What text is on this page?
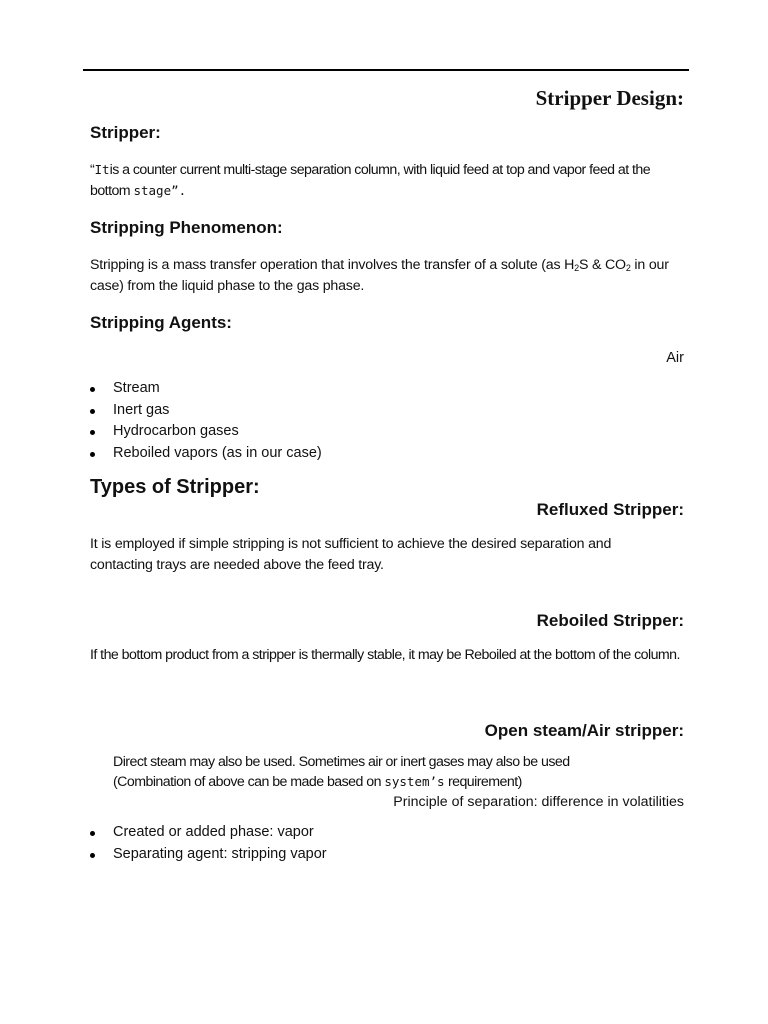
Stripper Design:
Stripper:
“Itis a counter current multi-stage separation column, with liquid feed at top and vapor feed at the bottom stage”.
Stripping Phenomenon:
Stripping is a mass transfer operation that involves the transfer of a solute (as $H_2S$ & $CO_2$ in our case) from the liquid phase to the gas phase.
Stripping Agents:
Air
Stream
Inert gas
Hydrocarbon gases
Reboiled vapors (as in our case)
Types of Stripper:
Refluxed Stripper:
It is employed if simple stripping is not sufficient to achieve the desired separation and contacting trays are needed above the feed tray.
Reboiled Stripper:
If the bottom product from a stripper is thermally stable, it may be Reboiled at the bottom of the column.
Open steam/Air stripper:
Direct steam may also be used. Sometimes air or inert gases may also be used
(Combination of above can be made based on system’s requirement)
Principle of separation: difference in volatilities
Created or added phase: vapor
Separating agent: stripping vapor
